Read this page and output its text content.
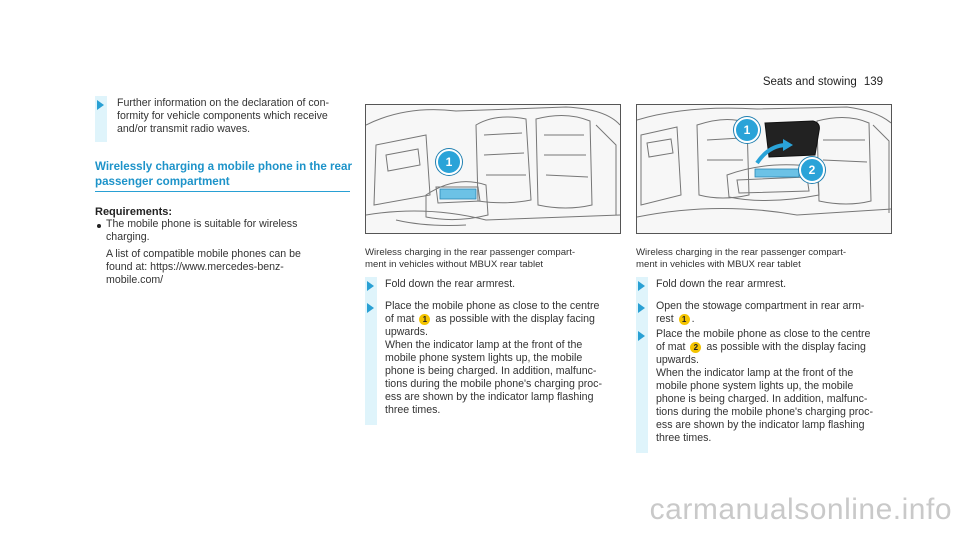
Seats and stowing 139
Further information on the declaration of con-
formity for vehicle components which receive
and/or transmit radio waves.
Wirelessly charging a mobile phone in the rear
passenger compartment
Requirements:
The mobile phone is suitable for wireless
charging.
A list of compatible mobile phones can be
found at: https://www.mercedes-benz-
mobile.com/
1
Wireless charging in the rear passenger compart-
ment in vehicles without MBUX rear tablet
Fold down the rear armrest.
Place the mobile phone as close to the centre
of mat 1 as possible with the display facing
upwards.
When the indicator lamp at the front of the
mobile phone system lights up, the mobile
phone is being charged. In addition, malfunc-
tions during the mobile phone's charging proc-
ess are shown by the indicator lamp flashing
three times.
1
2
Wireless charging in the rear passenger compart-
ment in vehicles with MBUX rear tablet
Fold down the rear armrest.
Open the stowage compartment in rear arm-
rest 1 .
Place the mobile phone as close to the centre
of mat 2 as possible with the display facing
upwards.
When the indicator lamp at the front of the
mobile phone system lights up, the mobile
phone is being charged. In addition, malfunc-
tions during the mobile phone's charging proc-
ess are shown by the indicator lamp flashing
three times.
carmanualsonline.info
